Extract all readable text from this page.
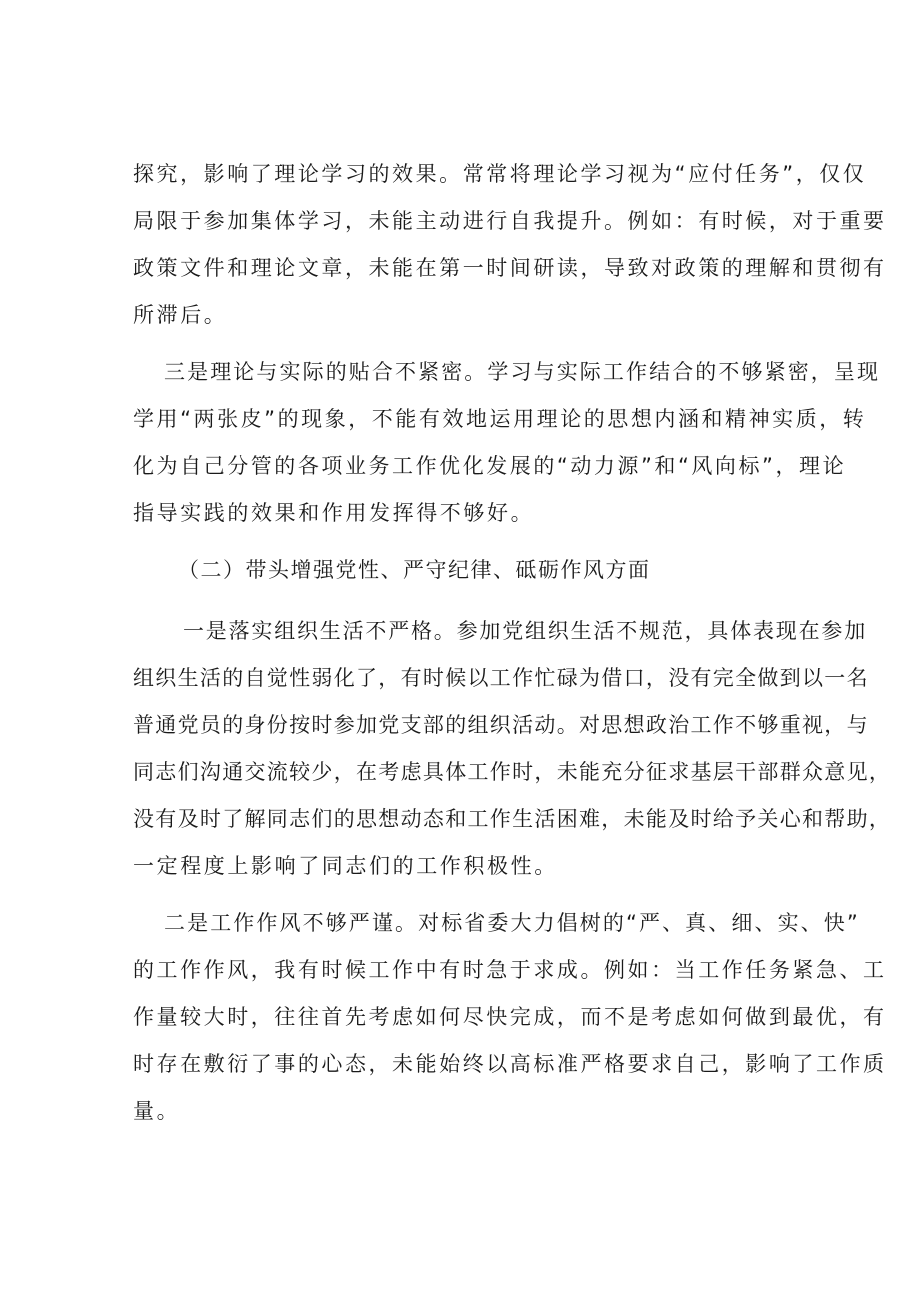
探究，影响了理论学习的效果。常常将理论学习视为“应付任务”，仅仅
局限于参加集体学习，未能主动进行自我提升。例如：有时候，对于重要
政策文件和理论文章，未能在第一时间研读，导致对政策的理解和贯彻有
所滞后。
三是理论与实际的贴合不紧密。学习与实际工作结合的不够紧密，呈现
学用“两张皮”的现象，不能有效地运用理论的思想内涵和精神实质，转
化为自己分管的各项业务工作优化发展的“动力源”和“风向标”，理论
指导实践的效果和作用发挥得不够好。
（二）带头增强党性、严守纪律、砥砺作风方面
一是落实组织生活不严格。参加党组织生活不规范，具体表现在参加
组织生活的自觉性弱化了，有时候以工作忙碌为借口，没有完全做到以一名
普通党员的身份按时参加党支部的组织活动。对思想政治工作不够重视，与
同志们沟通交流较少，在考虑具体工作时，未能充分征求基层干部群众意见，
没有及时了解同志们的思想动态和工作生活困难，未能及时给予关心和帮助，
一定程度上影响了同志们的工作积极性。
二是工作作风不够严谨。对标省委大力倡树的“严、真、细、实、快”
的工作作风，我有时候工作中有时急于求成。例如：当工作任务紧急、工
作量较大时，往往首先考虑如何尽快完成，而不是考虑如何做到最优，有
时存在敷衍了事的心态，未能始终以高标准严格要求自己，影响了工作质
量。
